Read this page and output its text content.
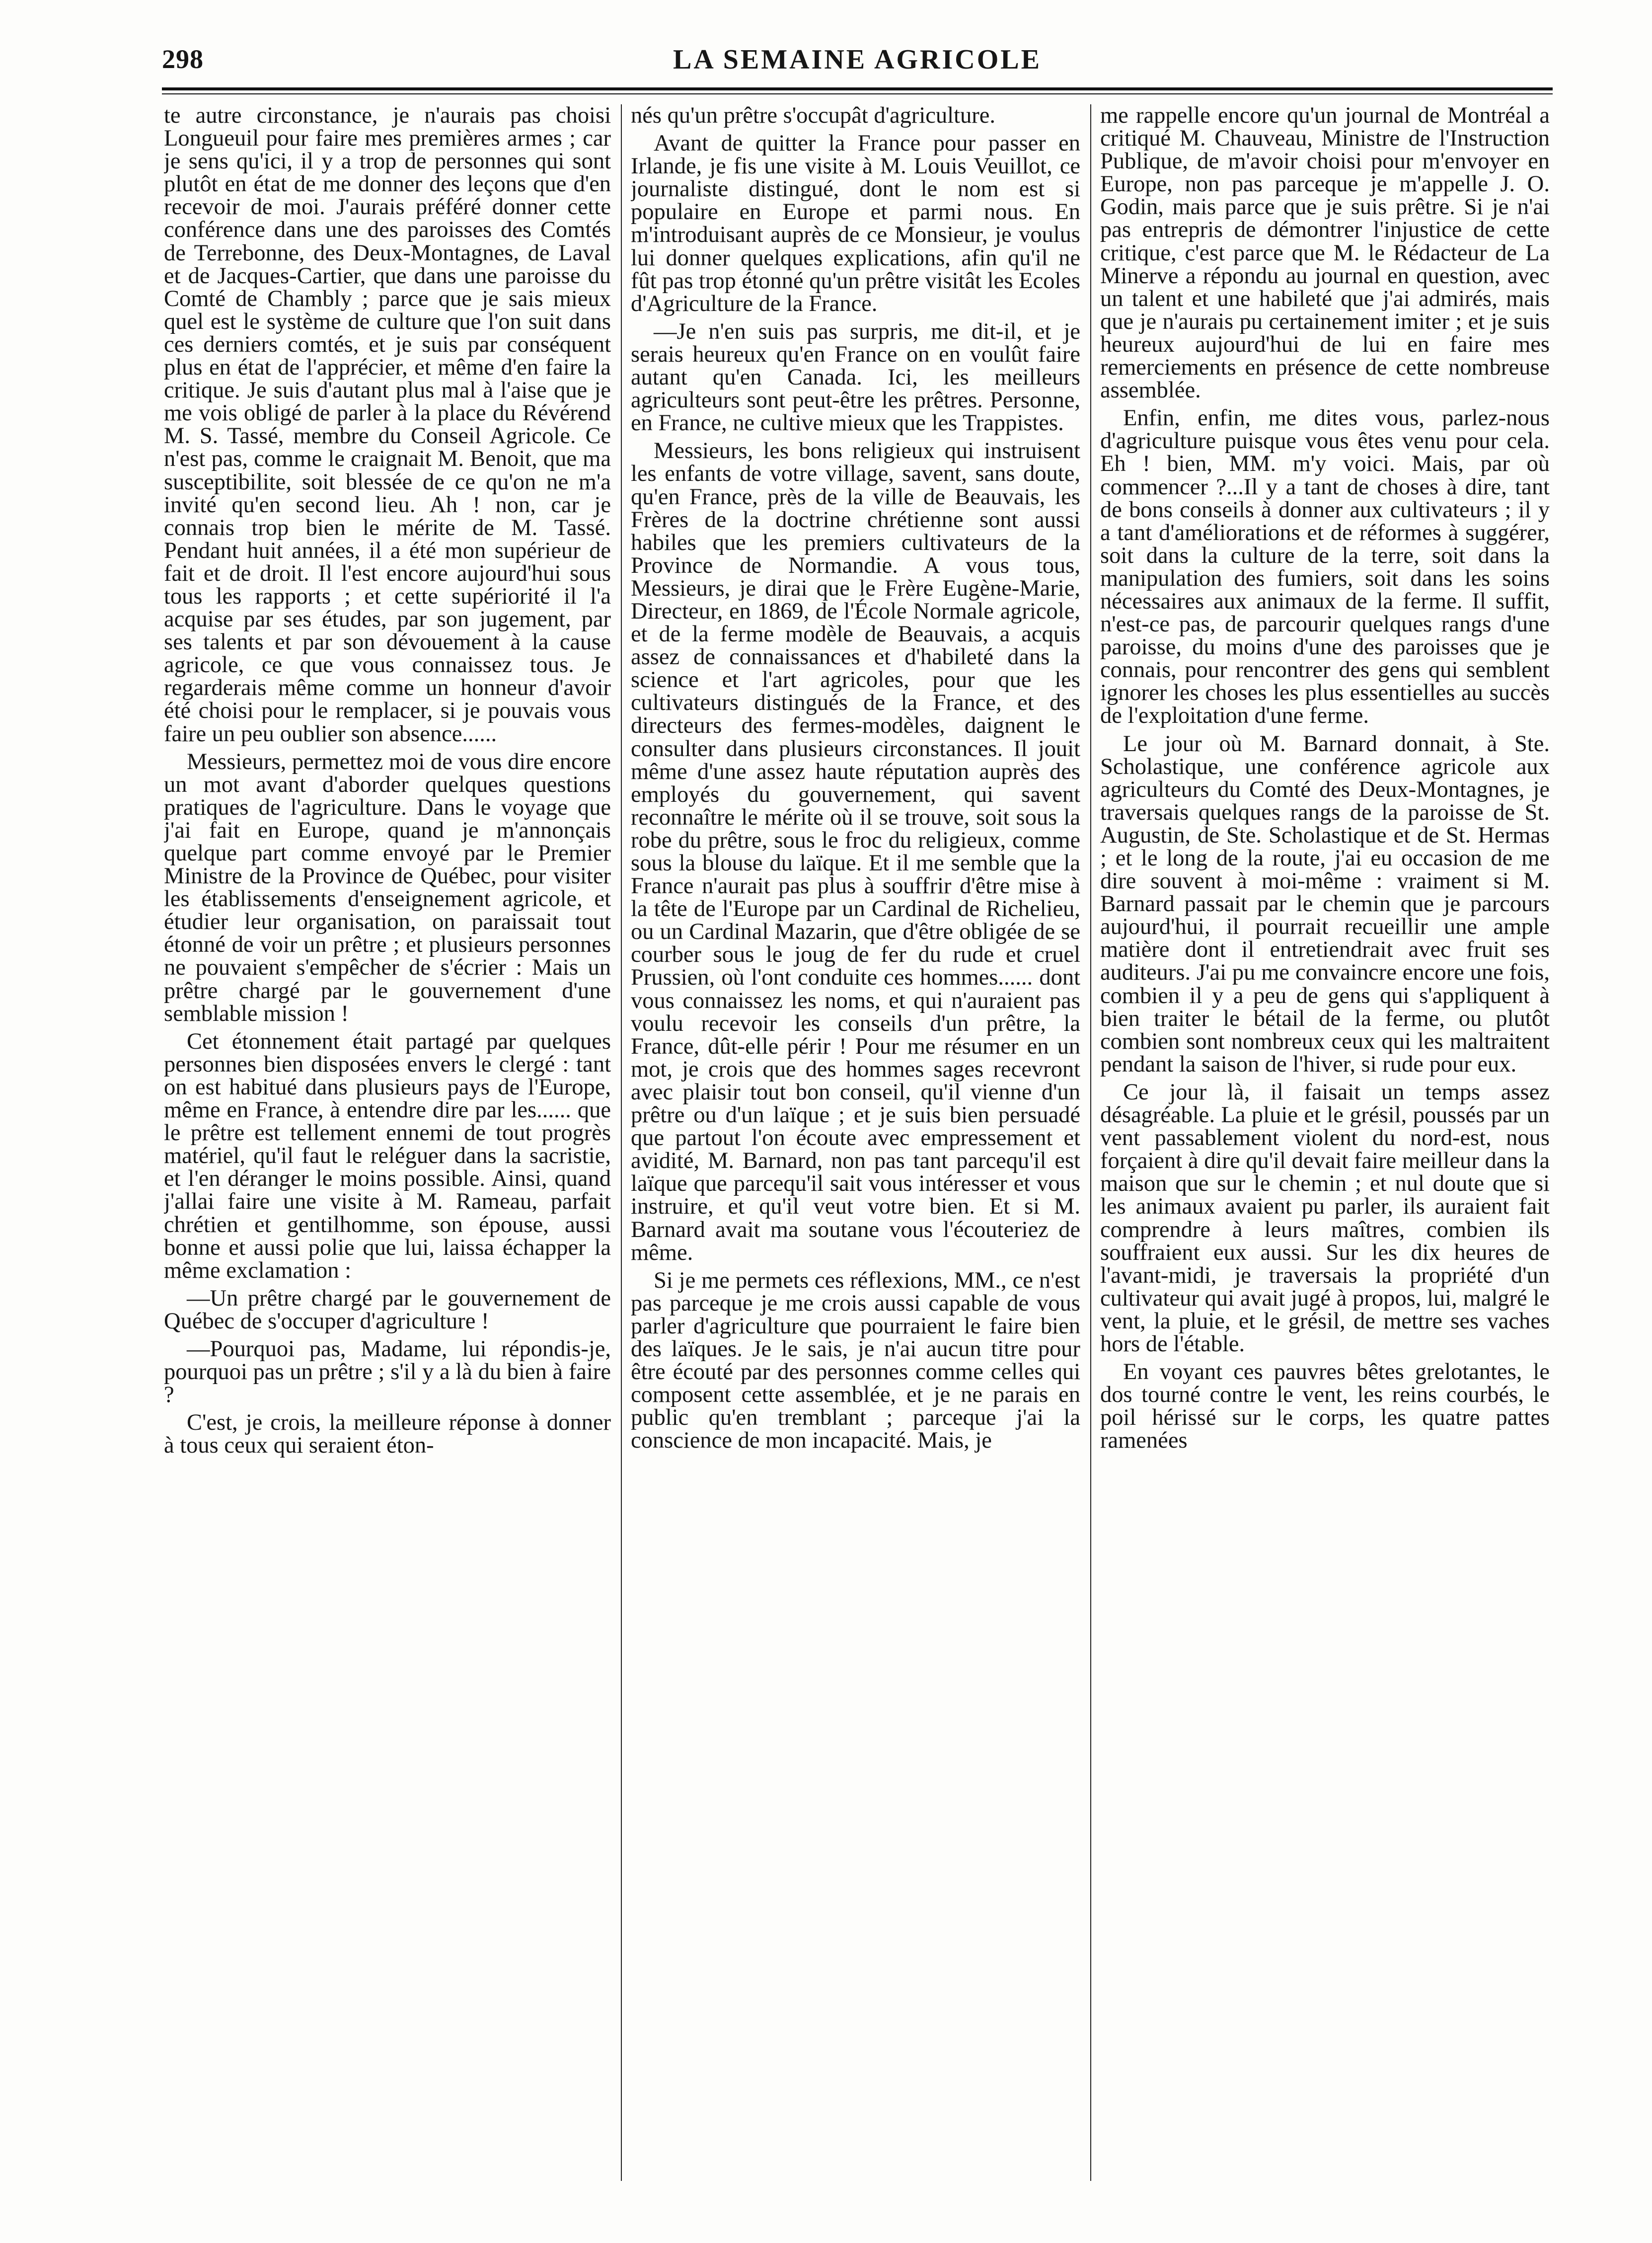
298	LA SEMAINE AGRICOLE

te autre circonstance, je n'aurais pas choisi Longueuil pour faire mes premières armes ; car je sens qu'ici, il y a trop de personnes qui sont plutôt en état de me donner des leçons que d'en recevoir de moi. J'aurais préféré donner cette conférence dans une des paroisses des Comtés de Terrebonne, des Deux-Montagnes, de Laval et de Jacques-Cartier, que dans une paroisse du Comté de Chambly ; parce que je sais mieux quel est le système de culture que l'on suit dans ces derniers comtés, et je suis par conséquent plus en état de l'apprécier, et même d'en faire la critique. Je suis d'autant plus mal à l'aise que je me vois obligé de parler à la place du Révérend M. S. Tassé, membre du Conseil Agricole. Ce n'est pas, comme le craignait M. Benoit, que ma susceptibilite, soit blessée de ce qu'on ne m'a invité qu'en second lieu. Ah ! non, car je connais trop bien le mérite de M. Tassé. Pendant huit années, il a été mon supérieur de fait et de droit. Il l'est encore aujourd'hui sous tous les rapports ; et cette supériorité il l'a acquise par ses études, par son jugement, par ses talents et par son dévouement à la cause agricole, ce que vous connaissez tous. Je regarderais même comme un honneur d'avoir été choisi pour le remplacer, si je pouvais vous faire un peu oublier son absence......

Messieurs, permettez moi de vous dire encore un mot avant d'aborder quelques questions pratiques de l'agriculture. Dans le voyage que j'ai fait en Europe, quand je m'annonçais quelque part comme envoyé par le Premier Ministre de la Province de Québec, pour visiter les établissements d'enseignement agricole, et étudier leur organisation, on paraissait tout étonné de voir un prêtre ; et plusieurs personnes ne pouvaient s'empêcher de s'écrier : Mais un prêtre chargé par le gouvernement d'une semblable mission !

Cet étonnement était partagé par quelques personnes bien disposées envers le clergé : tant on est habitué dans plusieurs pays de l'Europe, même en France, à entendre dire par les...... que le prêtre est tellement ennemi de tout progrès matériel, qu'il faut le reléguer dans la sacristie, et l'en déranger le moins possible. Ainsi, quand j'allai faire une visite à M. Rameau, parfait chrétien et gentilhomme, son épouse, aussi bonne et aussi polie que lui, laissa échapper la même exclamation :

—Un prêtre chargé par le gouvernement de Québec de s'occuper d'agriculture !

—Pourquoi pas, Madame, lui répondis-je, pourquoi pas un prêtre ; s'il y a là du bien à faire ?

C'est, je crois, la meilleure réponse à donner à tous ceux qui seraient éton-

nés qu'un prêtre s'occupât d'agriculture.

Avant de quitter la France pour passer en Irlande, je fis une visite à M. Louis Veuillot, ce journaliste distingué, dont le nom est si populaire en Europe et parmi nous. En m'introduisant auprès de ce Monsieur, je voulus lui donner quelques explications, afin qu'il ne fût pas trop étonné qu'un prêtre visitât les Ecoles d'Agriculture de la France.

—Je n'en suis pas surpris, me dit-il, et je serais heureux qu'en France on en voulût faire autant qu'en Canada. Ici, les meilleurs agriculteurs sont peut-être les prêtres. Personne, en France, ne cultive mieux que les Trappistes.

Messieurs, les bons religieux qui instruisent les enfants de votre village, savent, sans doute, qu'en France, près de la ville de Beauvais, les Frères de la doctrine chrétienne sont aussi habiles que les premiers cultivateurs de la Province de Normandie. A vous tous, Messieurs, je dirai que le Frère Eugène-Marie, Directeur, en 1869, de l'École Normale agricole, et de la ferme modèle de Beauvais, a acquis assez de connaissances et d'habileté dans la science et l'art agricoles, pour que les cultivateurs distingués de la France, et des directeurs des fermes-modèles, daignent le consulter dans plusieurs circonstances. Il jouit même d'une assez haute réputation auprès des employés du gouvernement, qui savent reconnaître le mérite où il se trouve, soit sous la robe du prêtre, sous le froc du religieux, comme sous la blouse du laïque. Et il me semble que la France n'aurait pas plus à souffrir d'être mise à la tête de l'Europe par un Cardinal de Richelieu, ou un Cardinal Mazarin, que d'être obligée de se courber sous le joug de fer du rude et cruel Prussien, où l'ont conduite ces hommes...... dont vous connaissez les noms, et qui n'auraient pas voulu recevoir les conseils d'un prêtre, la France, dût-elle périr ! Pour me résumer en un mot, je crois que des hommes sages recevront avec plaisir tout bon conseil, qu'il vienne d'un prêtre ou d'un laïque ; et je suis bien persuadé que partout l'on écoute avec empressement et avidité, M. Barnard, non pas tant parcequ'il est laïque que parcequ'il sait vous intéresser et vous instruire, et qu'il veut votre bien. Et si M. Barnard avait ma soutane vous l'écouteriez de même.

Si je me permets ces réflexions, MM., ce n'est pas parceque je me crois aussi capable de vous parler d'agriculture que pourraient le faire bien des laïques. Je le sais, je n'ai aucun titre pour être écouté par des personnes comme celles qui composent cette assemblée, et je ne parais en public qu'en tremblant ; parceque j'ai la conscience de mon incapacité. Mais, je

me rappelle encore qu'un journal de Montréal a critiqué M. Chauveau, Ministre de l'Instruction Publique, de m'avoir choisi pour m'envoyer en Europe, non pas parceque je m'appelle J. O. Godin, mais parce que je suis prêtre. Si je n'ai pas entrepris de démontrer l'injustice de cette critique, c'est parce que M. le Rédacteur de La Minerve a répondu au journal en question, avec un talent et une habileté que j'ai admirés, mais que je n'aurais pu certainement imiter ; et je suis heureux aujourd'hui de lui en faire mes remerciements en présence de cette nombreuse assemblée.

Enfin, enfin, me dites vous, parlez-nous d'agriculture puisque vous êtes venu pour cela. Eh ! bien, MM. m'y voici. Mais, par où commencer ?...Il y a tant de choses à dire, tant de bons conseils à donner aux cultivateurs ; il y a tant d'améliorations et de réformes à suggérer, soit dans la culture de la terre, soit dans la manipulation des fumiers, soit dans les soins nécessaires aux animaux de la ferme. Il suffit, n'est-ce pas, de parcourir quelques rangs d'une paroisse, du moins d'une des paroisses que je connais, pour rencontrer des gens qui semblent ignorer les choses les plus essentielles au succès de l'exploitation d'une ferme.

Le jour où M. Barnard donnait, à Ste. Scholastique, une conférence agricole aux agriculteurs du Comté des Deux-Montagnes, je traversais quelques rangs de la paroisse de St. Augustin, de Ste. Scholastique et de St. Hermas ; et le long de la route, j'ai eu occasion de me dire souvent à moi-même : vraiment si M. Barnard passait par le chemin que je parcours aujourd'hui, il pourrait recueillir une ample matière dont il entretiendrait avec fruit ses auditeurs. J'ai pu me convaincre encore une fois, combien il y a peu de gens qui s'appliquent à bien traiter le bétail de la ferme, ou plutôt combien sont nombreux ceux qui les maltraitent pendant la saison de l'hiver, si rude pour eux.

Ce jour là, il faisait un temps assez désagréable. La pluie et le grésil, poussés par un vent passablement violent du nord-est, nous forçaient à dire qu'il devait faire meilleur dans la maison que sur le chemin ; et nul doute que si les animaux avaient pu parler, ils auraient fait comprendre à leurs maîtres, combien ils souffraient eux aussi. Sur les dix heures de l'avant-midi, je traversais la propriété d'un cultivateur qui avait jugé à propos, lui, malgré le vent, la pluie, et le grésil, de mettre ses vaches hors de l'étable.

En voyant ces pauvres bêtes grelotantes, le dos tourné contre le vent, les reins courbés, le poil hérissé sur le corps, les quatre pattes ramenées
